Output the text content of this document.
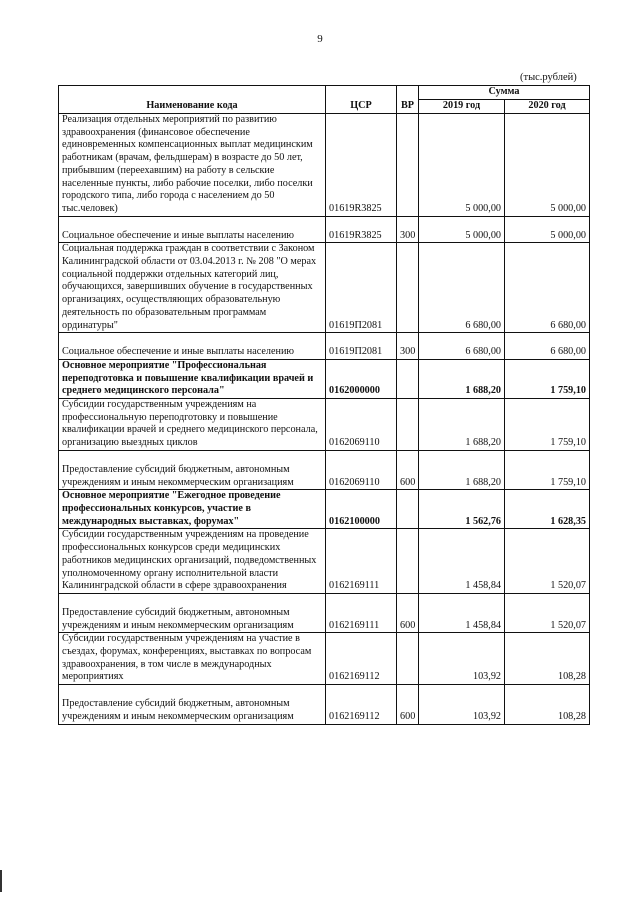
9
(тыс.рублей)
Наименование кода	ЦСР	ВР	Сумма	
			2019 год	2020 год
Реализация отдельных мероприятий по развитию здравоохранения (финансовое обеспечение единовременных компенсационных выплат медицинским работникам (врачам, фельдшерам) в возрасте до 50 лет, прибывшим (переехавшим) на работу в сельские населенные пункты, либо рабочие поселки, либо поселки городского типа, либо города с населением до 50 тыс.человек)	01619R3825		5 000,00	5 000,00
Социальное обеспечение и иные выплаты населению	01619R3825	300	5 000,00	5 000,00
Социальная поддержка граждан в соответствии с Законом Калининградской области от 03.04.2013 г. № 208 "О мерах социальной поддержки отдельных категорий лиц, обучающихся, завершивших обучение в государственных организациях, осуществляющих образовательную деятельность по образовательным программам ординатуры"	01619П2081		6 680,00	6 680,00
Социальное обеспечение и иные выплаты населению	01619П2081	300	6 680,00	6 680,00
Основное мероприятие "Профессиональная переподготовка и повышение квалификации врачей и среднего медицинского персонала"	0162000000		1 688,20	1 759,10
Субсидии государственным учреждениям на профессиональную переподготовку и повышение квалификации врачей и среднего медицинского персонала, организацию выездных циклов	0162069110		1 688,20	1 759,10
Предоставление субсидий бюджетным, автономным учреждениям и иным некоммерческим организациям	0162069110	600	1 688,20	1 759,10
Основное мероприятие "Ежегодное проведение профессиональных конкурсов, участие в международных выставках, форумах"	0162100000		1 562,76	1 628,35
Субсидии государственным учреждениям на проведение профессиональных конкурсов среди медицинских работников медицинских организаций, подведомственных уполномоченному органу исполнительной власти Калининградской области в сфере здравоохранения	0162169111		1 458,84	1 520,07
Предоставление субсидий бюджетным, автономным учреждениям и иным некоммерческим организациям	0162169111	600	1 458,84	1 520,07
Субсидии государственным учреждениям на участие в съездах, форумах, конференциях, выставках по вопросам здравоохранения, в том числе в международных мероприятиях	0162169112		103,92	108,28
Предоставление субсидий бюджетным, автономным учреждениям и иным некоммерческим организациям	0162169112	600	103,92	108,28
